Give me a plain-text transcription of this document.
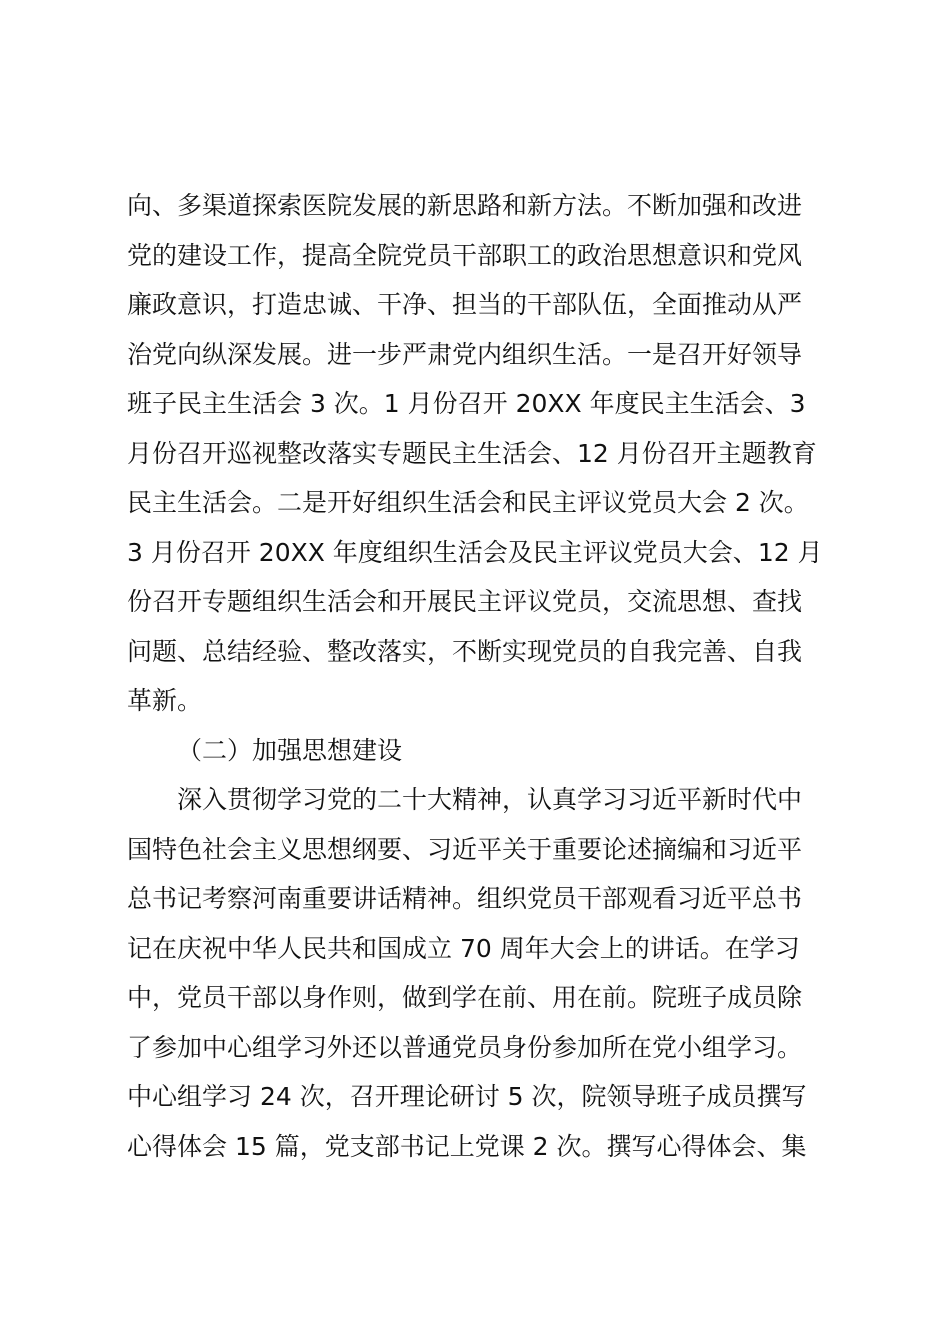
向、多渠道探索医院发展的新思路和新方法。不断加强和改进
党的建设工作，提高全院党员干部职工的政治思想意识和党风
廉政意识，打造忠诚、干净、担当的干部队伍，全面推动从严
治党向纵深发展。进一步严肃党内组织生活。一是召开好领导
班子民主生活会 3 次。1 月份召开 20XX 年度民主生活会、3
月份召开巡视整改落实专题民主生活会、12 月份召开主题教育
民主生活会。二是开好组织生活会和民主评议党员大会 2 次。
3 月份召开 20XX 年度组织生活会及民主评议党员大会、12 月
份召开专题组织生活会和开展民主评议党员，交流思想、查找
问题、总结经验、整改落实，不断实现党员的自我完善、自我
革新。
（二）加强思想建设
深入贯彻学习党的二十大精神，认真学习习近平新时代中
国特色社会主义思想纲要、习近平关于重要论述摘编和习近平
总书记考察河南重要讲话精神。组织党员干部观看习近平总书
记在庆祝中华人民共和国成立 70 周年大会上的讲话。在学习
中，党员干部以身作则，做到学在前、用在前。院班子成员除
了参加中心组学习外还以普通党员身份参加所在党小组学习。
中心组学习 24 次，召开理论研讨 5 次，院领导班子成员撰写
心得体会 15 篇，党支部书记上党课 2 次。撰写心得体会、集
